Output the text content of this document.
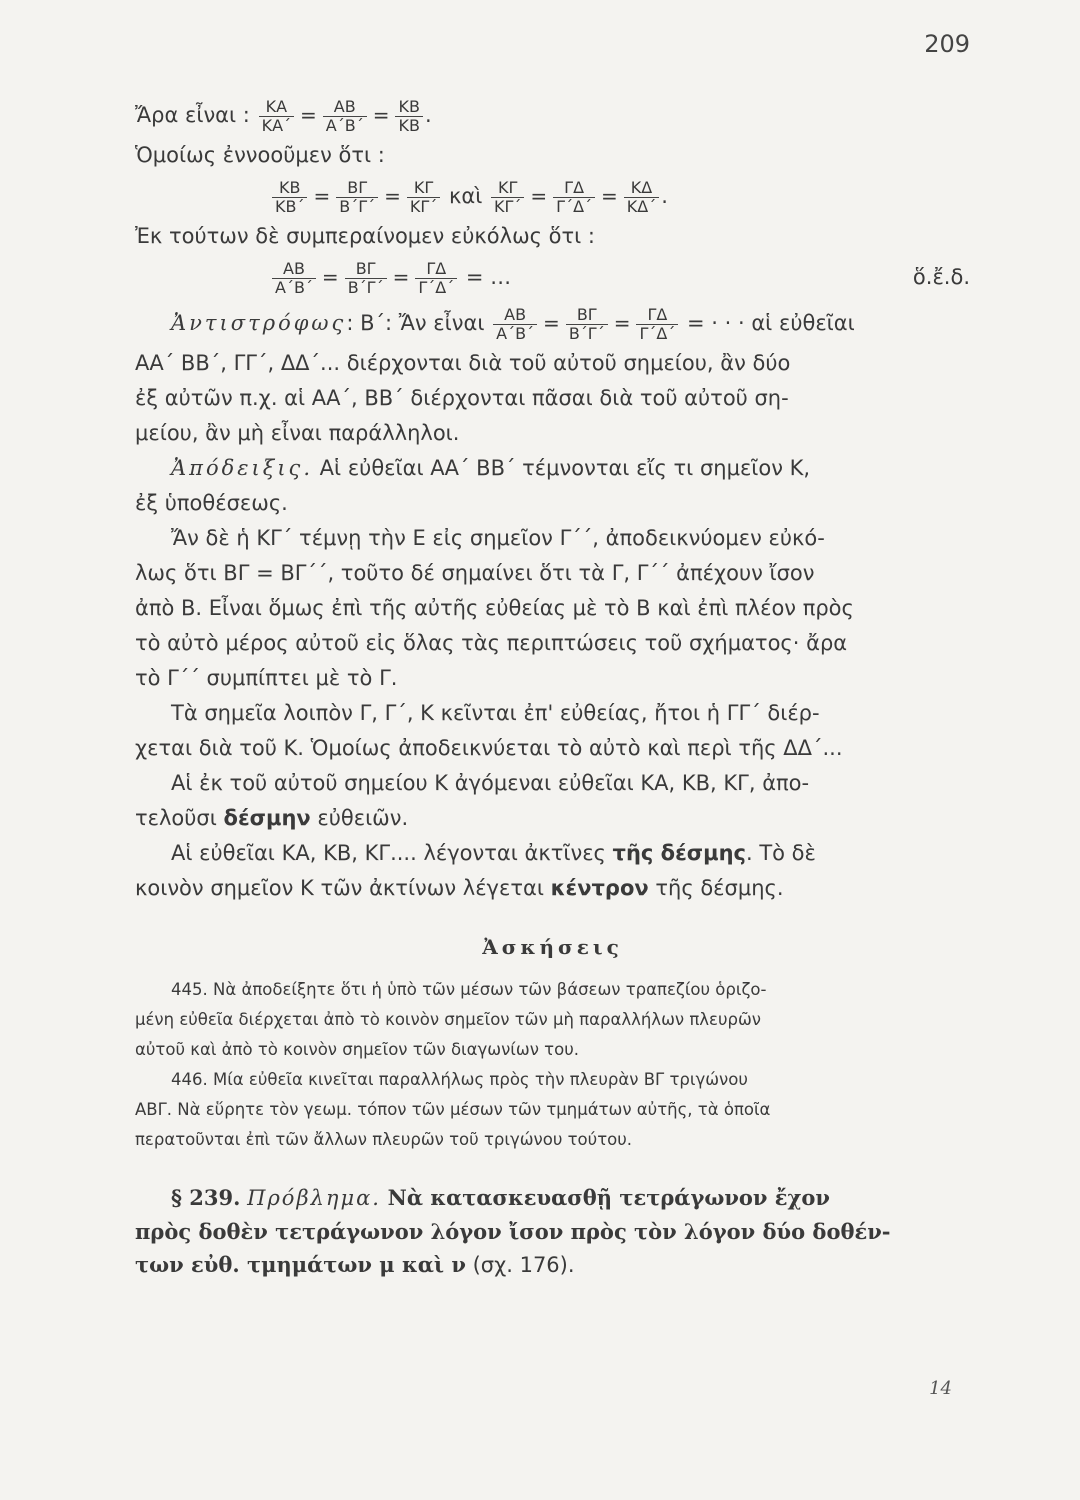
209
Ἄρα εἶναι : $\frac{KA}{KA΄} = \frac{AB}{A΄B΄} = \frac{KB}{KB}$ .
Ὁμοίως ἐννοοῦμεν ὅτι :
$\frac{KB}{KB΄} = \frac{B\Gamma}{B΄\Gamma΄} = \frac{K\Gamma}{K\Gamma΄}$ καὶ $\frac{K\Gamma}{K\Gamma΄} = \frac{\Gamma\Delta}{\Gamma΄\Delta΄} = \frac{K\Delta}{K\Delta΄}$ .
Ἐκ τούτων δὲ συμπεραίνομεν εὐκόλως ὅτι :
$\frac{AB}{A΄B΄} = \frac{B\Gamma}{B΄\Gamma΄} = \frac{\Gamma\Delta}{\Gamma΄\Delta΄}$ = …	ὅ.ἔ.δ.
Ἀντιστρόφως: Β΄: Ἄν εἶναι $\frac{AB}{A΄B΄} = \frac{B\Gamma}{B΄\Gamma΄} = \frac{\Gamma\Delta}{\Gamma΄\Delta΄}$ = · · · αἱ εὐθεῖαι
ΑΑ΄ ΒΒ΄, ΓΓ΄, ΔΔ΄... διέρχονται διὰ τοῦ αὐτοῦ σημείου, ἂν δύο
ἐξ αὐτῶν π.χ. αἱ ΑΑ΄, ΒΒ΄ διέρχονται πᾶσαι διὰ τοῦ αὐτοῦ ση-
μείου, ἂν μὴ εἶναι παράλληλοι.
Ἀπόδειξις. Αἱ εὐθεῖαι ΑΑ΄ ΒΒ΄ τέμνονται εἴς τι σημεῖον Κ,
ἐξ ὑποθέσεως.
Ἄν δὲ ἡ ΚΓ΄ τέμνῃ τὴν Ε εἰς σημεῖον Γ΄΄, ἀποδεικνύομεν εὐκό-
λως ὅτι ΒΓ = ΒΓ΄΄, τοῦτο δέ σημαίνει ὅτι τὰ Γ, Γ΄΄ ἀπέχουν ἴσον
ἀπὸ Β. Εἶναι ὅμως ἐπὶ τῆς αὐτῆς εὐθείας μὲ τὸ Β καὶ ἐπὶ πλέον πρὸς
τὸ αὐτὸ μέρος αὐτοῦ εἰς ὅλας τὰς περιπτώσεις τοῦ σχήματος· ἄρα
τὸ Γ΄΄ συμπίπτει μὲ τὸ Γ.
Τὰ σημεῖα λοιπὸν Γ, Γ΄, Κ κεῖνται ἐπ' εὐθείας, ἤτοι ἡ ΓΓ΄ διέρ-
χεται διὰ τοῦ Κ. Ὁμοίως ἀποδεικνύεται τὸ αὐτὸ καὶ περὶ τῆς ΔΔ΄...
Αἱ ἐκ τοῦ αὐτοῦ σημείου Κ ἀγόμεναι εὐθεῖαι ΚΑ, ΚΒ, ΚΓ, ἀπο-
τελοῦσι δέσμην εὐθειῶν.
Αἱ εὐθεῖαι ΚΑ, ΚΒ, ΚΓ.... λέγονται ἀκτῖνες τῆς δέσμης. Τὸ δὲ
κοινὸν σημεῖον Κ τῶν ἀκτίνων λέγεται κέντρον τῆς δέσμης.
Ἀσκήσεις
445. Νὰ ἀποδείξητε ὅτι ἡ ὑπὸ τῶν μέσων τῶν βάσεων τραπεζίου ὁριζο-
μένη εὐθεῖα διέρχεται ἀπὸ τὸ κοινὸν σημεῖον τῶν μὴ παραλλήλων πλευρῶν
αὐτοῦ καὶ ἀπὸ τὸ κοινὸν σημεῖον τῶν διαγωνίων του.
446. Μία εὐθεῖα κινεῖται παραλλήλως πρὸς τὴν πλευρὰν ΒΓ τριγώνου
ΑΒΓ. Νὰ εὕρητε τὸν γεωμ. τόπον τῶν μέσων τῶν τμημάτων αὐτῆς, τὰ ὁποῖα
περατοῦνται ἐπὶ τῶν ἄλλων πλευρῶν τοῦ τριγώνου τούτου.
§ 239. Πρόβλημα. Νὰ κατασκευασθῇ τετράγωνον ἔχον
πρὸς δοθὲν τετράγωνον λόγον ἴσον πρὸς τὸν λόγον δύο δοθέν-
των εὐθ. τμημάτων μ καὶ ν (σχ. 176).
14
